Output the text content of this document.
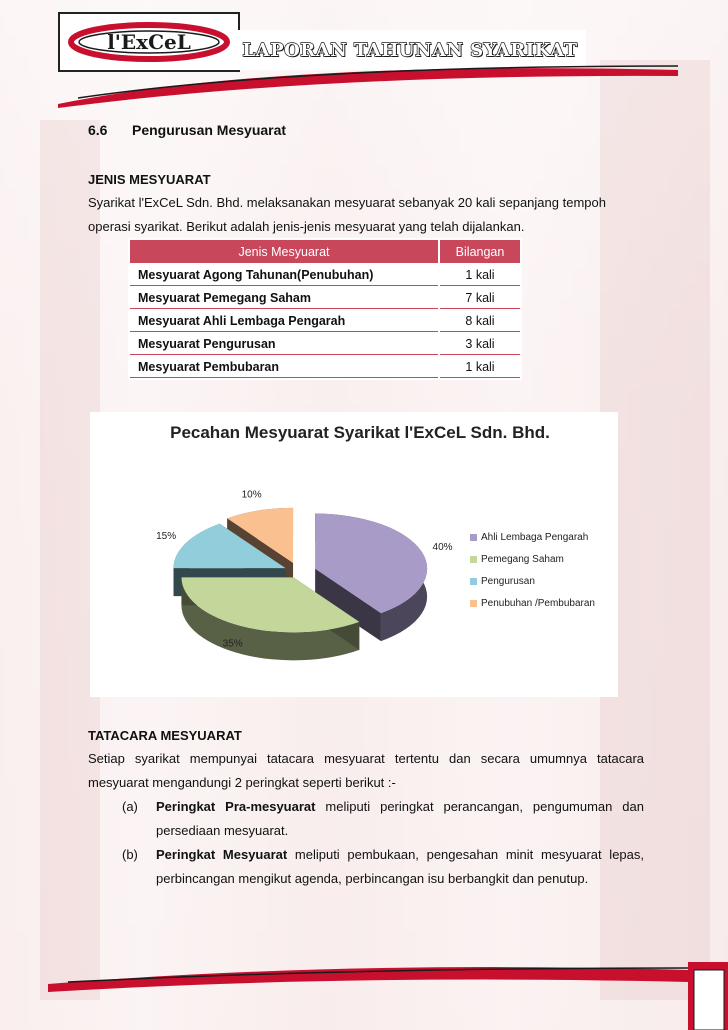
l'ExCeL	LAPORAN TAHUNAN SYARIKAT
6.6 Pengurusan Mesyuarat
JENIS MESYUARAT
Syarikat l'ExCeL Sdn. Bhd. melaksanakan mesyuarat sebanyak 20 kali sepanjang tempoh operasi syarikat. Berikut adalah jenis-jenis mesyuarat yang telah dijalankan.
Jenis Mesyuarat	Bilangan
Mesyuarat Agong Tahunan(Penubuhan)	1 kali
Mesyuarat Pemegang Saham	7 kali
Mesyuarat Ahli Lembaga Pengarah	8 kali
Mesyuarat Pengurusan	3 kali
Mesyuarat Pembubaran	1 kali
Pecahan Mesyuarat Syarikat l'ExCeL Sdn. Bhd.
40%
35%
15%
10%
Ahli Lembaga Pengarah
Pemegang Saham
Pengurusan
Penubuhan /Pembubaran
TATACARA MESYUARAT
Setiap syarikat mempunyai tatacara mesyuarat tertentu dan secara umumnya tatacara mesyuarat mengandungi 2 peringkat seperti berikut :-
(a) Peringkat Pra-mesyuarat meliputi peringkat perancangan, pengumuman dan persediaan mesyuarat.
(b) Peringkat Mesyuarat meliputi pembukaan, pengesahan minit mesyuarat lepas, perbincangan mengikut agenda, perbincangan isu berbangkit dan penutup.
